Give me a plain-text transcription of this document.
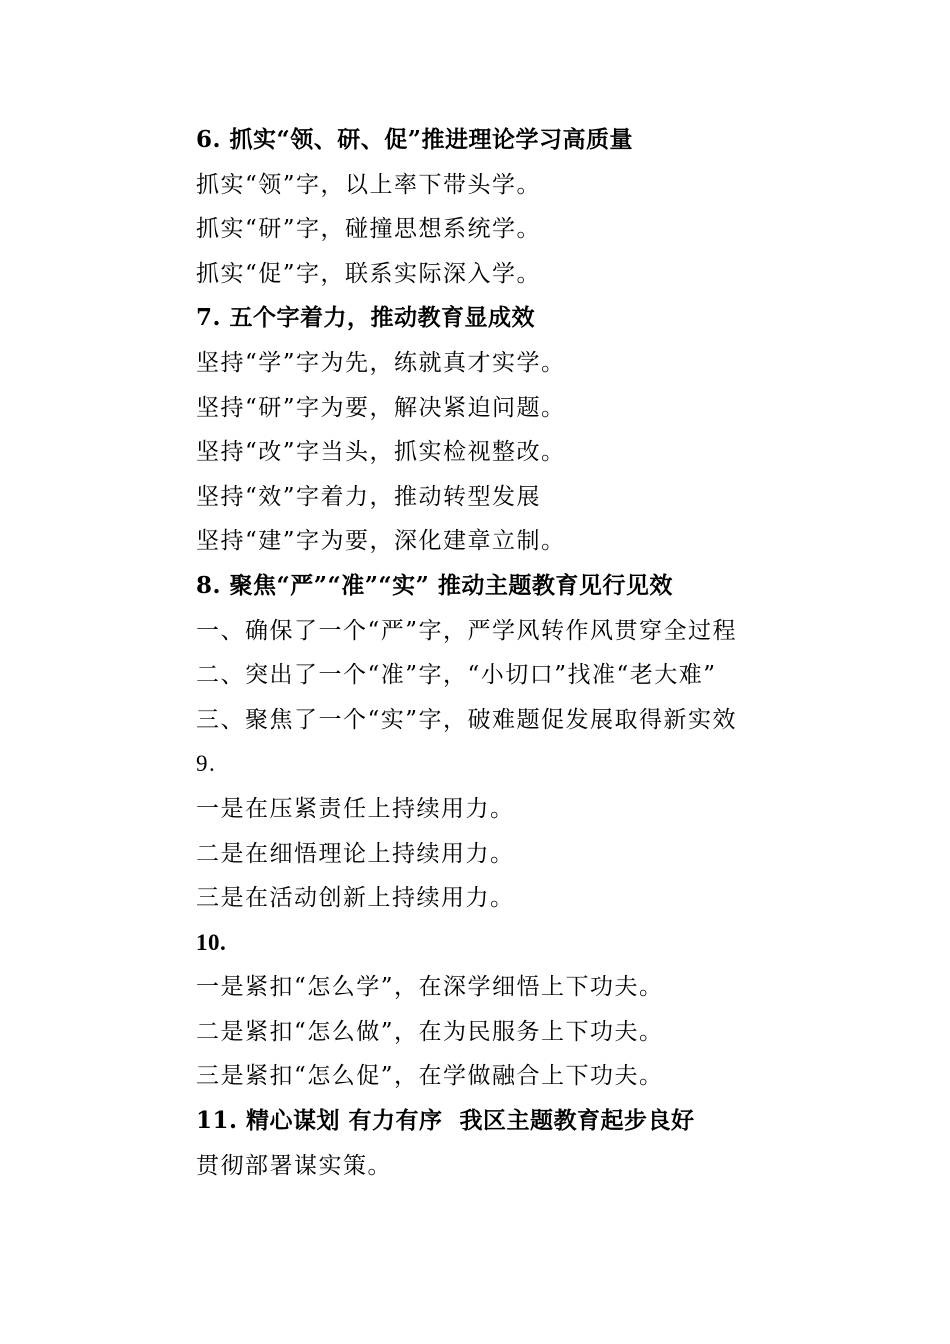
6. 抓实“领、研、促”推进理论学习高质量
抓实“领”字，以上率下带头学。
抓实“研”字，碰撞思想系统学。
抓实“促”字，联系实际深入学。
7. 五个字着力，推动教育显成效
坚持“学”字为先，练就真才实学。
坚持“研”字为要，解决紧迫问题。
坚持“改”字当头，抓实检视整改。
坚持“效”字着力，推动转型发展
坚持“建”字为要，深化建章立制。
8. 聚焦“严”“准”“实” 推动主题教育见行见效
一、确保了一个“严”字，严学风转作风贯穿全过程
二、突出了一个“准”字，“小切口”找准“老大难”
三、聚焦了一个“实”字，破难题促发展取得新实效
9.
一是在压紧责任上持续用力。
二是在细悟理论上持续用力。
三是在活动创新上持续用力。
10.
一是紧扣“怎么学”，在深学细悟上下功夫。
二是紧扣“怎么做”，在为民服务上下功夫。
三是紧扣“怎么促”，在学做融合上下功夫。
11. 精心谋划 有力有序  我区主题教育起步良好
贯彻部署谋实策。
